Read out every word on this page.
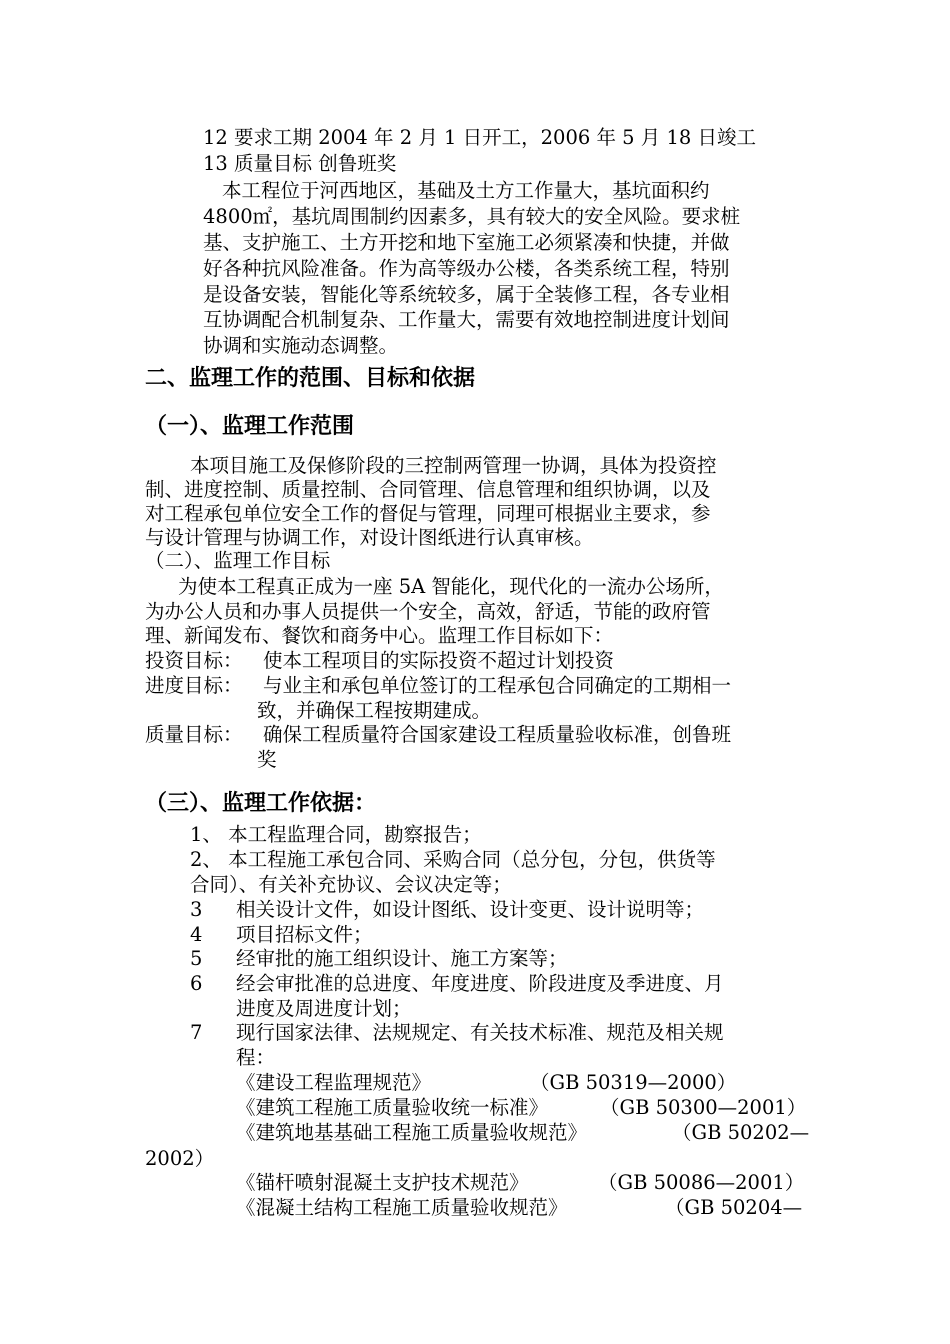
12 要求工期 2004 年 2 月 1 日开工，2006 年 5 月 18 日竣工
13 质量目标 创鲁班奖
本工程位于河西地区，基础及土方工作量大，基坑面积约
4800㎡，基坑周围制约因素多，具有较大的安全风险。要求桩
基、支护施工、土方开挖和地下室施工必须紧凑和快捷，并做
好各种抗风险准备。作为高等级办公楼，各类系统工程，特别
是设备安装，智能化等系统较多，属于全装修工程，各专业相
互协调配合机制复杂、工作量大，需要有效地控制进度计划间
协调和实施动态调整。
二、监理工作的范围、目标和依据
（一）、监理工作范围
本项目施工及保修阶段的三控制两管理一协调，具体为投资控
制、进度控制、质量控制、合同管理、信息管理和组织协调，以及
对工程承包单位安全工作的督促与管理，同理可根据业主要求，参
与设计管理与协调工作，对设计图纸进行认真审核。
（二）、监理工作目标
为使本工程真正成为一座 5A 智能化，现代化的一流办公场所，
为办公人员和办事人员提供一个安全，高效，舒适，节能的政府管
理、新闻发布、餐饮和商务中心。监理工作目标如下：
投资目标： 使本工程项目的实际投资不超过计划投资
进度目标： 与业主和承包单位签订的工程承包合同确定的工期相一
致，并确保工程按期建成。
质量目标： 确保工程质量符合国家建设工程质量验收标准，创鲁班
奖
（三）、监理工作依据：
1、 本工程监理合同，勘察报告；
2、 本工程施工承包合同、采购合同（总分包，分包，供货等
合同）、有关补充协议、会议决定等；
3 相关设计文件，如设计图纸、设计变更、设计说明等；
4 项目招标文件；
5 经审批的施工组织设计、施工方案等；
6 经会审批准的总进度、年度进度、阶段进度及季进度、月
进度及周进度计划；
7 现行国家法律、法规规定、有关技术标准、规范及相关规
程：
《建设工程监理规范》	（GB 50319—2000）
《建筑工程施工质量验收统一标准》	（GB 50300—2001）
《建筑地基基础工程施工质量验收规范》	（GB 50202—
2002）
《锚杆喷射混凝土支护技术规范》	（GB 50086—2001）
《混凝土结构工程施工质量验收规范》	（GB 50204—
